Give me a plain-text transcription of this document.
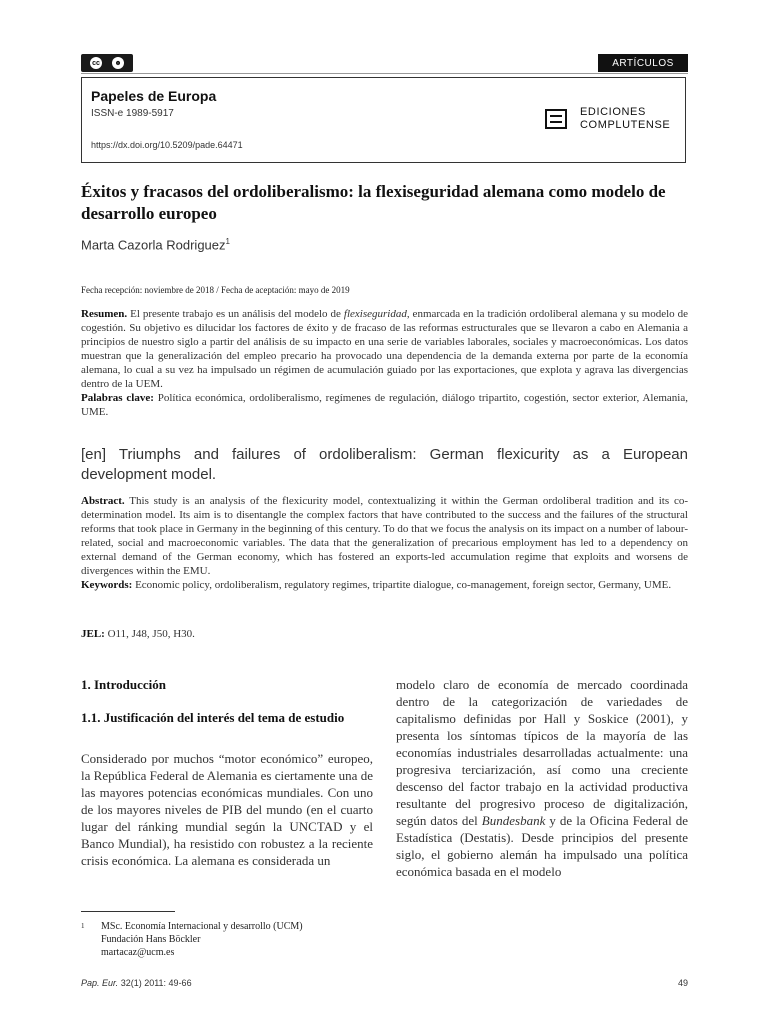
cc	☻	ARTÍCULOS
Papeles de Europa
ISSN-e 1989-5917
https://dx.doi.org/10.5209/pade.64471
EDICIONES
COMPLUTENSE
Éxitos y fracasos del ordoliberalismo: la flexiseguridad alemana como modelo de desarrollo europeo
Marta Cazorla Rodriguez$^1$
Fecha recepción: noviembre de 2018 / Fecha de aceptación: mayo de 2019
Resumen. El presente trabajo es un análisis del modelo de flexiseguridad, enmarcada en la tradición ordoliberal alemana y su modelo de cogestión. Su objetivo es dilucidar los factores de éxito y de fracaso de las reformas estructurales que se llevaron a cabo en Alemania a principios de nuestro siglo a partir del análisis de su impacto en una serie de variables laborales, sociales y macroeconómicas. Los datos muestran que la generalización del empleo precario ha provocado una dependencia de la demanda externa por parte de la economía alemana, lo cual a su vez ha impulsado un régimen de acumulación guiado por las exportaciones, que explota y agrava las divergencias dentro de la UEM.
Palabras clave: Política económica, ordoliberalismo, regímenes de regulación, diálogo tripartito, cogestión, sector exterior, Alemania, UME.
[en] Triumphs and failures of ordoliberalism: German flexicurity as a European development model.
Abstract. This study is an analysis of the flexicurity model, contextualizing it within the German ordoliberal tradition and its co-determination model. Its aim is to disentangle the complex factors that have contributed to the success and the failures of the structural reforms that took place in Germany in the beginning of this century. To do that we focus the analysis on its impact on a number of labour-related, social and macroeconomic variables. The data that the generalization of precarious employment has led to a dependency on external demand of the German economy, which has fostered an exports-led accumulation regime that exploits and worsens de divergences within the EMU.
Keywords: Economic policy, ordoliberalism, regulatory regimes, tripartite dialogue, co-management, foreign sector, Germany, UME.
JEL: O11, J48, J50, H30.
1. Introducción
1.1. Justificación del interés del tema de estudio

Considerado por muchos “motor económico” europeo, la República Federal de Alemania es ciertamente una de las mayores potencias económicas mundiales. Con uno de los mayores niveles de PIB del mundo (en el cuarto lugar del ránking mundial según la UNCTAD y el Banco Mundial), ha resistido con robustez a la reciente crisis económica. La alemana es considerada un

modelo claro de economía de mercado coordinada dentro de la categorización de variedades de capitalismo definidas por Hall y Soskice (2001), y presenta los síntomas típicos de la mayoría de las economías industriales desarrolladas actualmente: una progresiva terciarización, así como una creciente descenso del factor trabajo en la actividad productiva resultante del progresivo proceso de digitalización, según datos del Bundesbank y de la Oficina Federal de Estadística (Destatis). Desde principios del presente siglo, el gobierno alemán ha impulsado una política económica basada en el modelo
1 MSc. Economía Internacional y desarrollo (UCM)
Fundación Hans Böckler
martacaz@ucm.es
Pap. Eur. 32(1) 2011: 49-66	49
